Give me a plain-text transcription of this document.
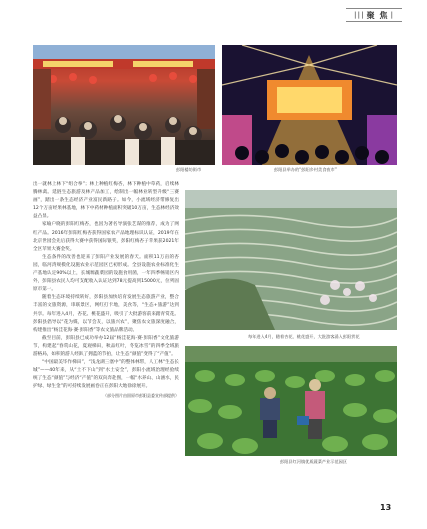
||| 聚 焦 |
彭阳楼坊街市	彭阳县举办的“彭阳乡村美食夜市”

出一就林上林下“组合拳”；林上种植红梅杏，林下种植中草药，启续林腾林禽。延链生态旅游及林产品加工，绘制出一幅林业转型升级“三赛画”，踏出一条生态经济产业富民新路子。如今，小流域经济带修复出12个万亩经果林基地，林下中药材种植面积突破10万亩，生态林经济效益凸显。

家喻户晓的彭阳红梅杏，也因为著名导演张艺谋的推荐，成为了网红产品。2016年彭阳红梅杏获得国家农产品地理标识认证，2019年在北京世园会先后获得大赛中获得国际银奖，彭阳红梅杏子苹果获2021年全区苹果大赛金奖。

生态条件的改善也迎来了彭阳产业发展的春天。面积11万亩的杏园，临河湾规模化设施农业示范园区已初形成。全县设施农业标准化生产基地认定90%以上，长城塬蔬菜园的设施食用菌，一年四季畅销区内外，彭阳县农民人均可支配收入认证达到78元提高到15000元，位列固原市第一。

随着生态环境持续转好，彭阳县加快培育发展生态旅游产业，整合丰富的文旅资源，串联景区，网红打卡地，美食等，“生态+旅游”达到共享。每年进入4月，杏花、桃花盛开，吸引了大批游客前来踏青赏花。彭阳县倡导以“花为媒，以节会友，以旅兴农”，聚焦农文旅深度融合，构建推出“杨洼花海·赛·彭阳香”等农文旅品牌活动。

截至目前，彭阳县已成功举办12届“杨洼花海·赛·彭阳香”文化旅游节，构建起“春赏山花，夏观梯田，秋品红叶，冬览冰雪”的四季全域旅游格局，如积的游人经趴了拥蓝的节拍，让生态“颜值”变得了“产值”。

“中国最美毕作梯田”，“浅龙湖三塞中”的整体林带，人工林“生态长城”——40年来，从“土不下山”到“水土安全”，彭阳小流域治理经验续统了生态“颜值”与经济“产值”的双向奔赴图，一幅“水养山、山涵水，民护绿、绿生金”的可持续发展画卷正在彭阳大地徐徐展开。

（部分图片由固原市彭阳县委宣传部提供）

每年进入4月，随着杏花、桃花盛开，大批游客涌入彭阳赏花
彭阳县红河镇优质蔬菜产业示范园区
13
